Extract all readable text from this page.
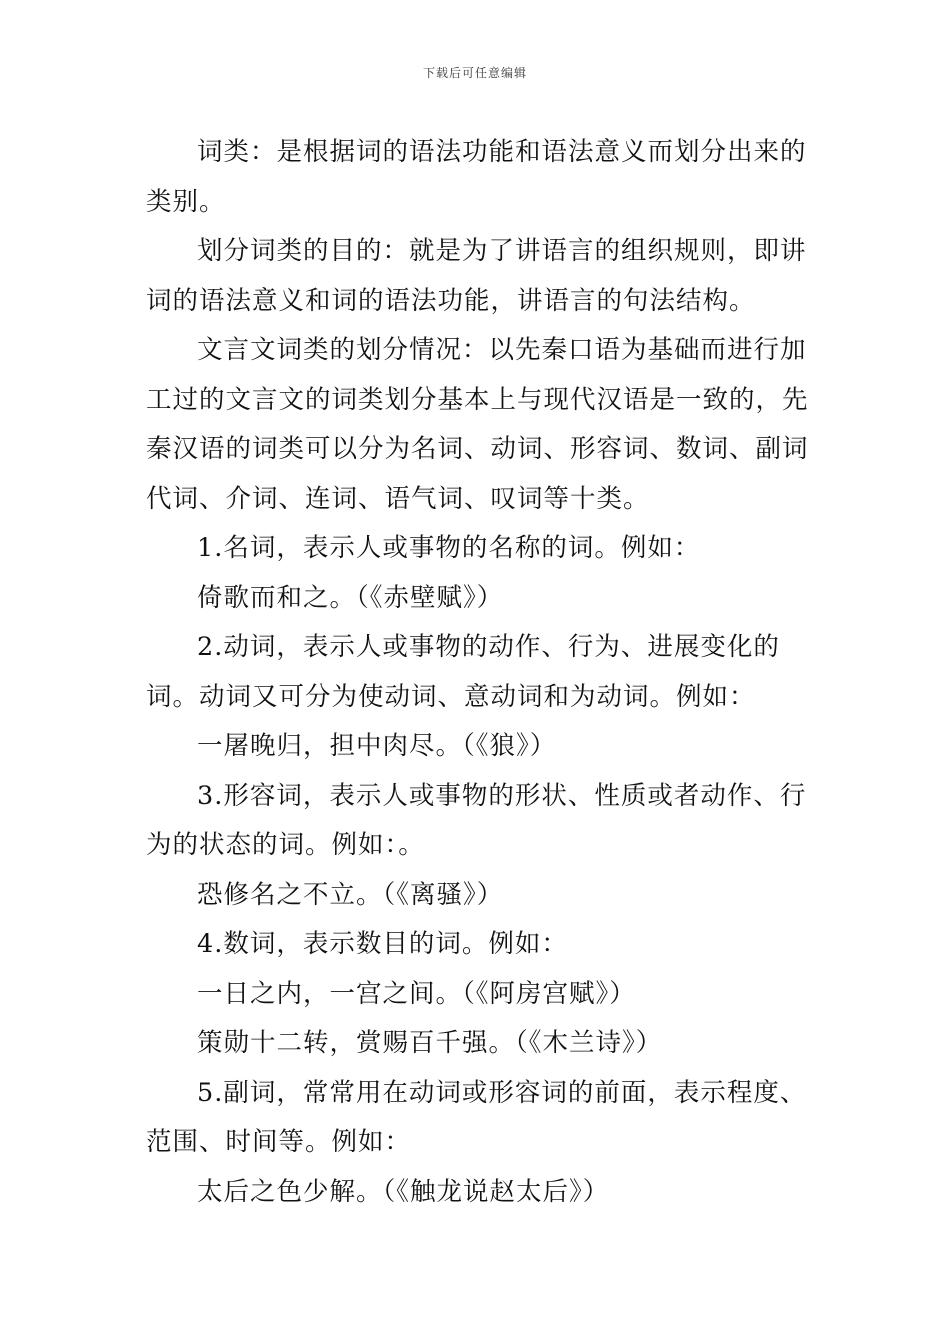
下载后可任意编辑

词类：是根据词的语法功能和语法意义而划分出来的类别。

划分词类的目的：就是为了讲语言的组织规则，即讲词的语法意义和词的语法功能，讲语言的句法结构。

文言文词类的划分情况：以先秦口语为基础而进行加工过的文言文的词类划分基本上与现代汉语是一致的，先秦汉语的词类可以分为名词、动词、形容词、数词、副词代词、介词、连词、语气词、叹词等十类。

1.名词，表示人或事物的名称的词。例如：

倚歌而和之。（《赤壁赋》）

2.动词，表示人或事物的动作、行为、进展变化的词。动词又可分为使动词、意动词和为动词。例如：

一屠晚归，担中肉尽。（《狼》）

3.形容词，表示人或事物的形状、性质或者动作、行为的状态的词。例如：。

恐修名之不立。（《离骚》）

4.数词，表示数目的词。例如：

一日之内，一宫之间。（《阿房宫赋》）

策勋十二转，赏赐百千强。（《木兰诗》）

5.副词，常常用在动词或形容词的前面，表示程度、范围、时间等。例如：

太后之色少解。（《触龙说赵太后》）
